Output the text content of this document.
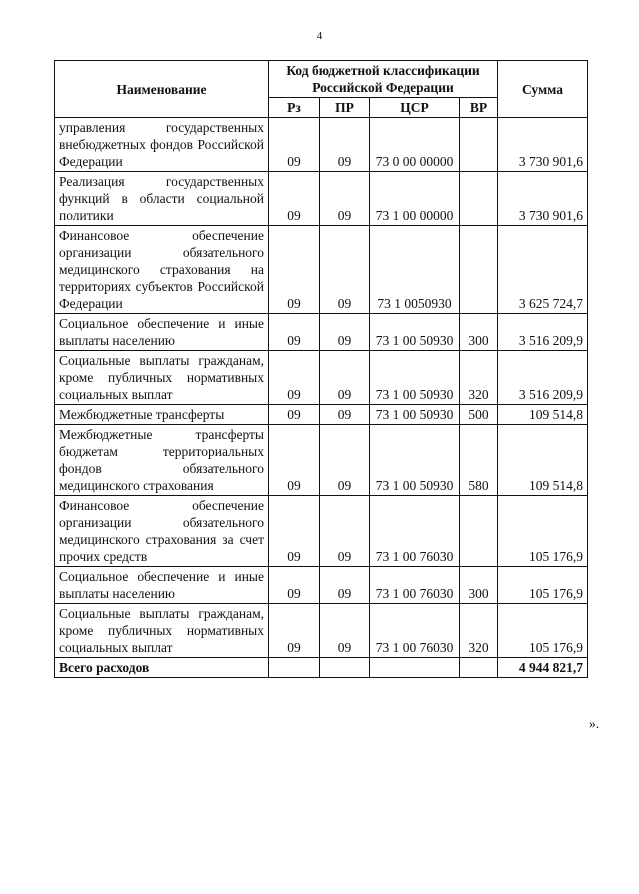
4
Наименование	Код бюджетной классификации Российской Федерации				Сумма
	Рз	ПР	ЦСР	ВР	
управления государственных внебюджетных фондов Российской Федерации	09	09	73 0 00 00000		3 730 901,6
Реализация государственных функций в области социальной политики	09	09	73 1 00 00000		3 730 901,6
Финансовое обеспечение организации обязательного медицинского страхования на территориях субъектов Российской Федерации	09	09	73 1 0050930		3 625 724,7
Социальное обеспечение и иные выплаты населению	09	09	73 1 00 50930	300	3 516 209,9
Социальные выплаты гражданам, кроме публичных нормативных социальных выплат	09	09	73 1 00 50930	320	3 516 209,9
Межбюджетные трансферты	09	09	73 1 00 50930	500	109 514,8
Межбюджетные трансферты бюджетам территориальных фондов обязательного медицинского страхования	09	09	73 1 00 50930	580	109 514,8
Финансовое обеспечение организации обязательного медицинского страхования за счет прочих средств	09	09	73 1 00 76030		105 176,9
Социальное обеспечение и иные выплаты населению	09	09	73 1 00 76030	300	105 176,9
Социальные выплаты гражданам, кроме публичных нормативных социальных выплат	09	09	73 1 00 76030	320	105 176,9
Всего расходов					4 944 821,7
».
